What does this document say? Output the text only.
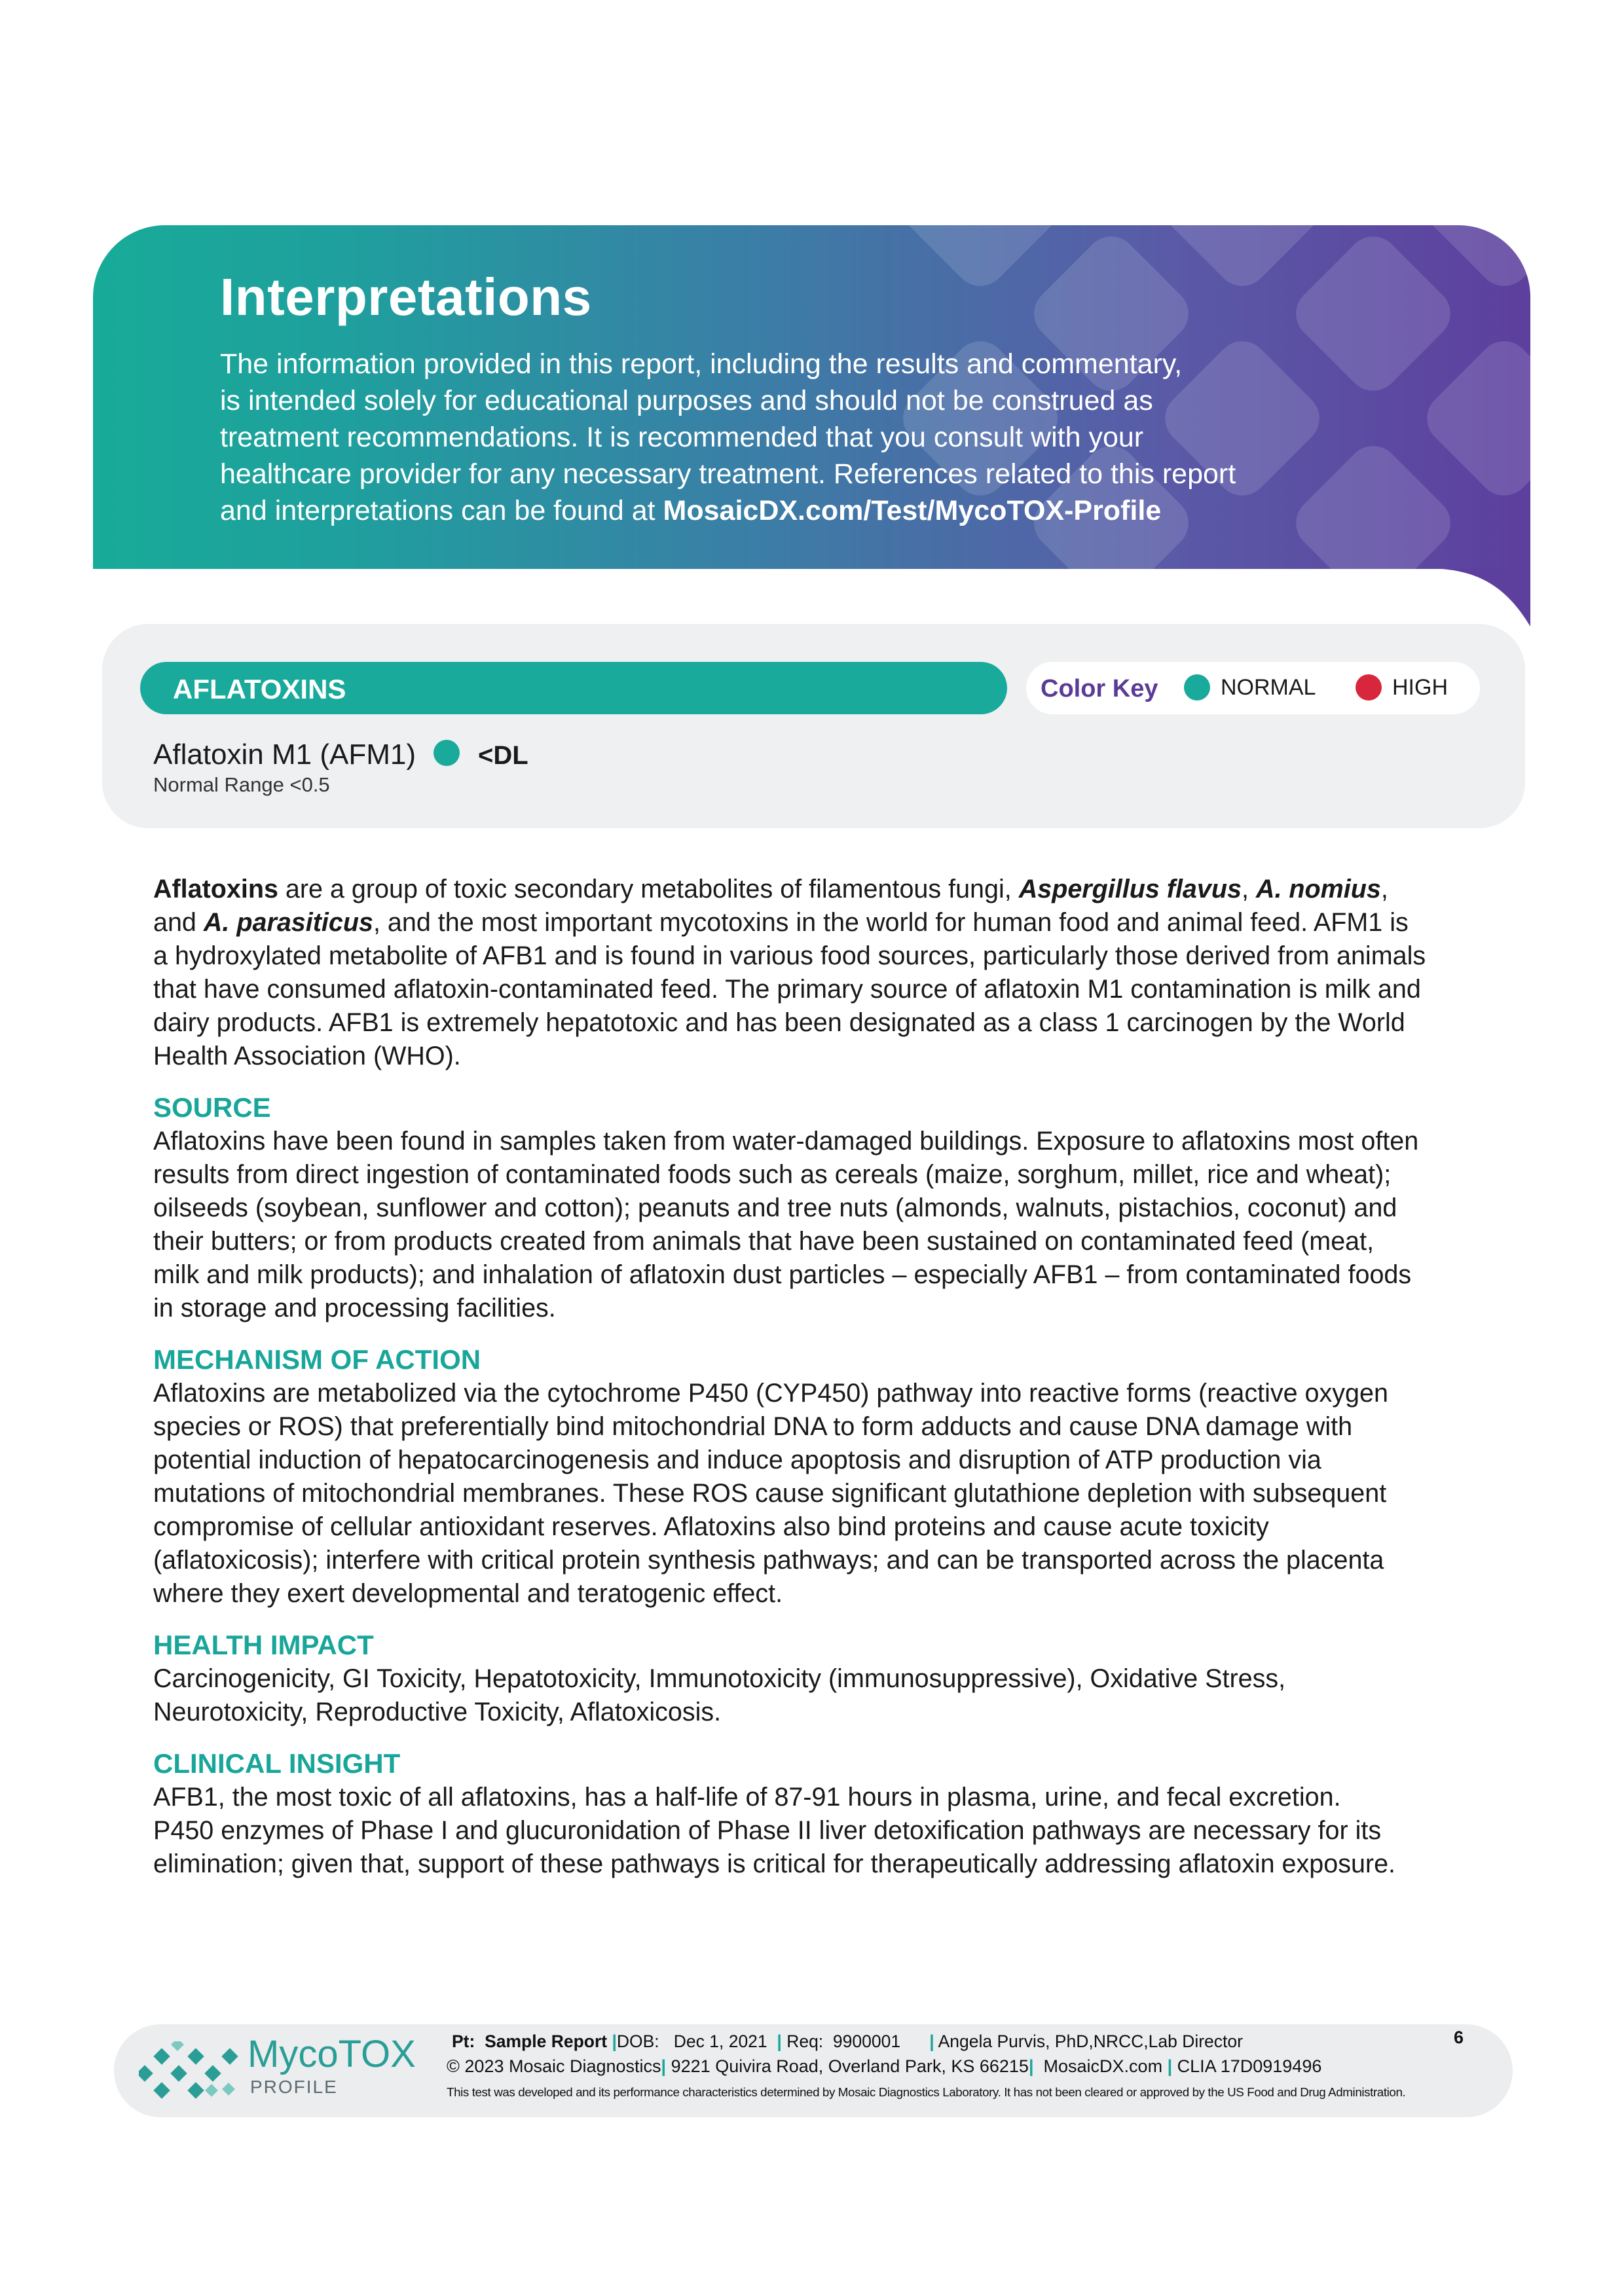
Interpretations
The information provided in this report, including the results and commentary,
is intended solely for educational purposes and should not be construed as
treatment recommendations. It is recommended that you consult with your
healthcare provider for any necessary treatment. References related to this report
and interpretations can be found at MosaicDX.com/Test/MycoTOX-Profile
AFLATOXINS	Color Key	NORMAL	HIGH
Aflatoxin M1 (AFM1) <DL
Normal Range <0.5

Aflatoxins are a group of toxic secondary metabolites of filamentous fungi, Aspergillus flavus, A. nomius,
and A. parasiticus, and the most important mycotoxins in the world for human food and animal feed. AFM1 is
a hydroxylated metabolite of AFB1 and is found in various food sources, particularly those derived from animals
that have consumed aflatoxin-contaminated feed. The primary source of aflatoxin M1 contamination is milk and
dairy products. AFB1 is extremely hepatotoxic and has been designated as a class 1 carcinogen by the World
Health Association (WHO).

SOURCE
Aflatoxins have been found in samples taken from water-damaged buildings. Exposure to aflatoxins most often
results from direct ingestion of contaminated foods such as cereals (maize, sorghum, millet, rice and wheat);
oilseeds (soybean, sunflower and cotton); peanuts and tree nuts (almonds, walnuts, pistachios, coconut) and
their butters; or from products created from animals that have been sustained on contaminated feed (meat,
milk and milk products); and inhalation of aflatoxin dust particles – especially AFB1 – from contaminated foods
in storage and processing facilities.
MECHANISM OF ACTION
Aflatoxins are metabolized via the cytochrome P450 (CYP450) pathway into reactive forms (reactive oxygen
species or ROS) that preferentially bind mitochondrial DNA to form adducts and cause DNA damage with
potential induction of hepatocarcinogenesis and induce apoptosis and disruption of ATP production via
mutations of mitochondrial membranes. These ROS cause significant glutathione depletion with subsequent
compromise of cellular antioxidant reserves. Aflatoxins also bind proteins and cause acute toxicity
(aflatoxicosis); interfere with critical protein synthesis pathways; and can be transported across the placenta
where they exert developmental and teratogenic effect.
HEALTH IMPACT
Carcinogenicity, GI Toxicity, Hepatotoxicity, Immunotoxicity (immunosuppressive), Oxidative Stress,
Neurotoxicity, Reproductive Toxicity, Aflatoxicosis.
CLINICAL INSIGHT
AFB1, the most toxic of all aflatoxins, has a half-life of 87-91 hours in plasma, urine, and fecal excretion.
P450 enzymes of Phase I and glucuronidation of Phase II liver detoxification pathways are necessary for its
elimination; given that, support of these pathways is critical for therapeutically addressing aflatoxin exposure.
MycoTOX
PROFILE
Pt: Sample Report |DOB:   Dec 1, 2021 | Req:  9900001 | Angela Purvis, PhD,NRCC,Lab Director
© 2023 Mosaic Diagnostics| 9221 Quivira Road, Overland Park, KS 66215| MosaicDX.com | CLIA 17D0919496
This test was developed and its performance characteristics determined by Mosaic Diagnostics Laboratory. It has not been cleared or approved by the US Food and Drug Administration.
6
